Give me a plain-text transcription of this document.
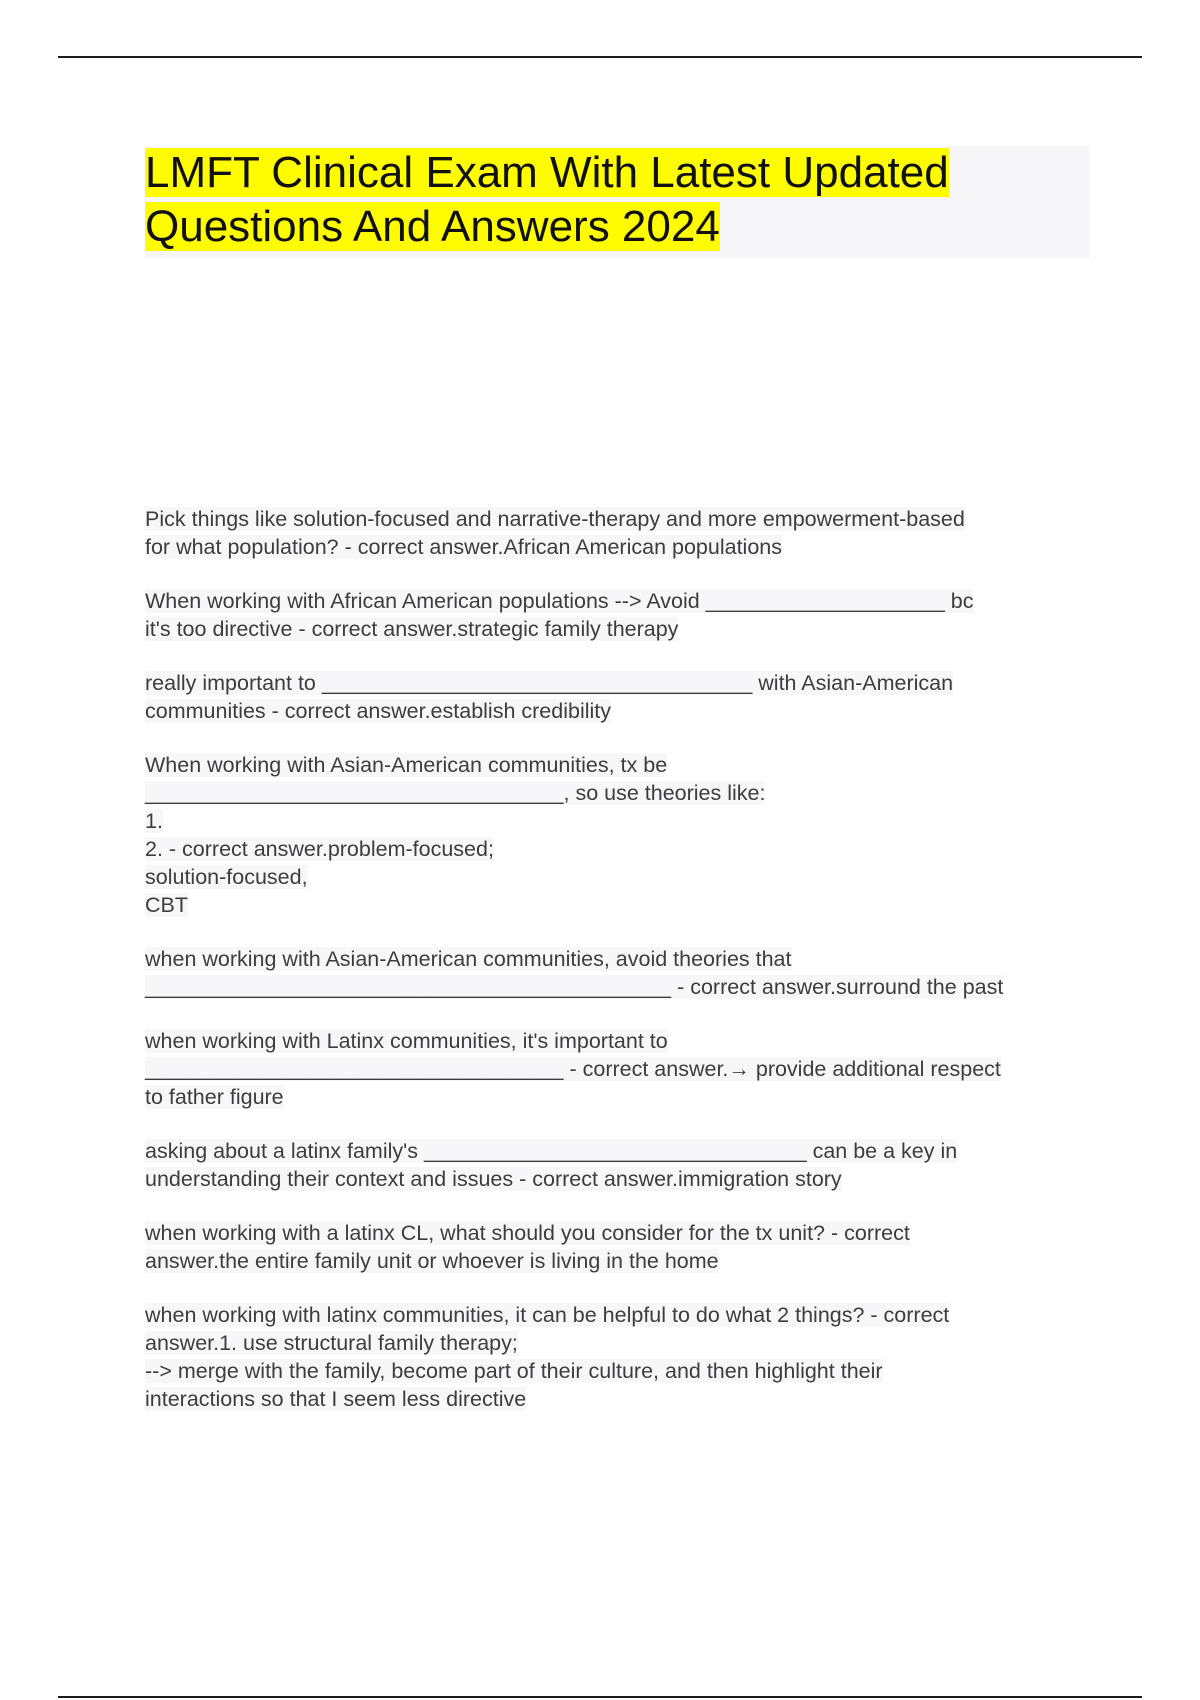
LMFT Clinical Exam With Latest Updated
Questions And Answers 2024
Pick things like solution-focused and narrative-therapy and more empowerment-based
for what population? - correct answer.African American populations
When working with African American populations --> Avoid ____________________ bc
it's too directive - correct answer.strategic family therapy
really important to ____________________________________ with Asian-American
communities - correct answer.establish credibility
When working with Asian-American communities, tx be
___________________________________, so use theories like:
1.
2. - correct answer.problem-focused;
solution-focused,
CBT
when working with Asian-American communities, avoid theories that
____________________________________________ - correct answer.surround the past
when working with Latinx communities, it's important to
___________________________________ - correct answer.→ provide additional respect
to father figure
asking about a latinx family's ________________________________ can be a key in
understanding their context and issues - correct answer.immigration story
when working with a latinx CL, what should you consider for the tx unit? - correct
answer.the entire family unit or whoever is living in the home
when working with latinx communities, it can be helpful to do what 2 things? - correct
answer.1. use structural family therapy;
--> merge with the family, become part of their culture, and then highlight their
interactions so that I seem less directive
